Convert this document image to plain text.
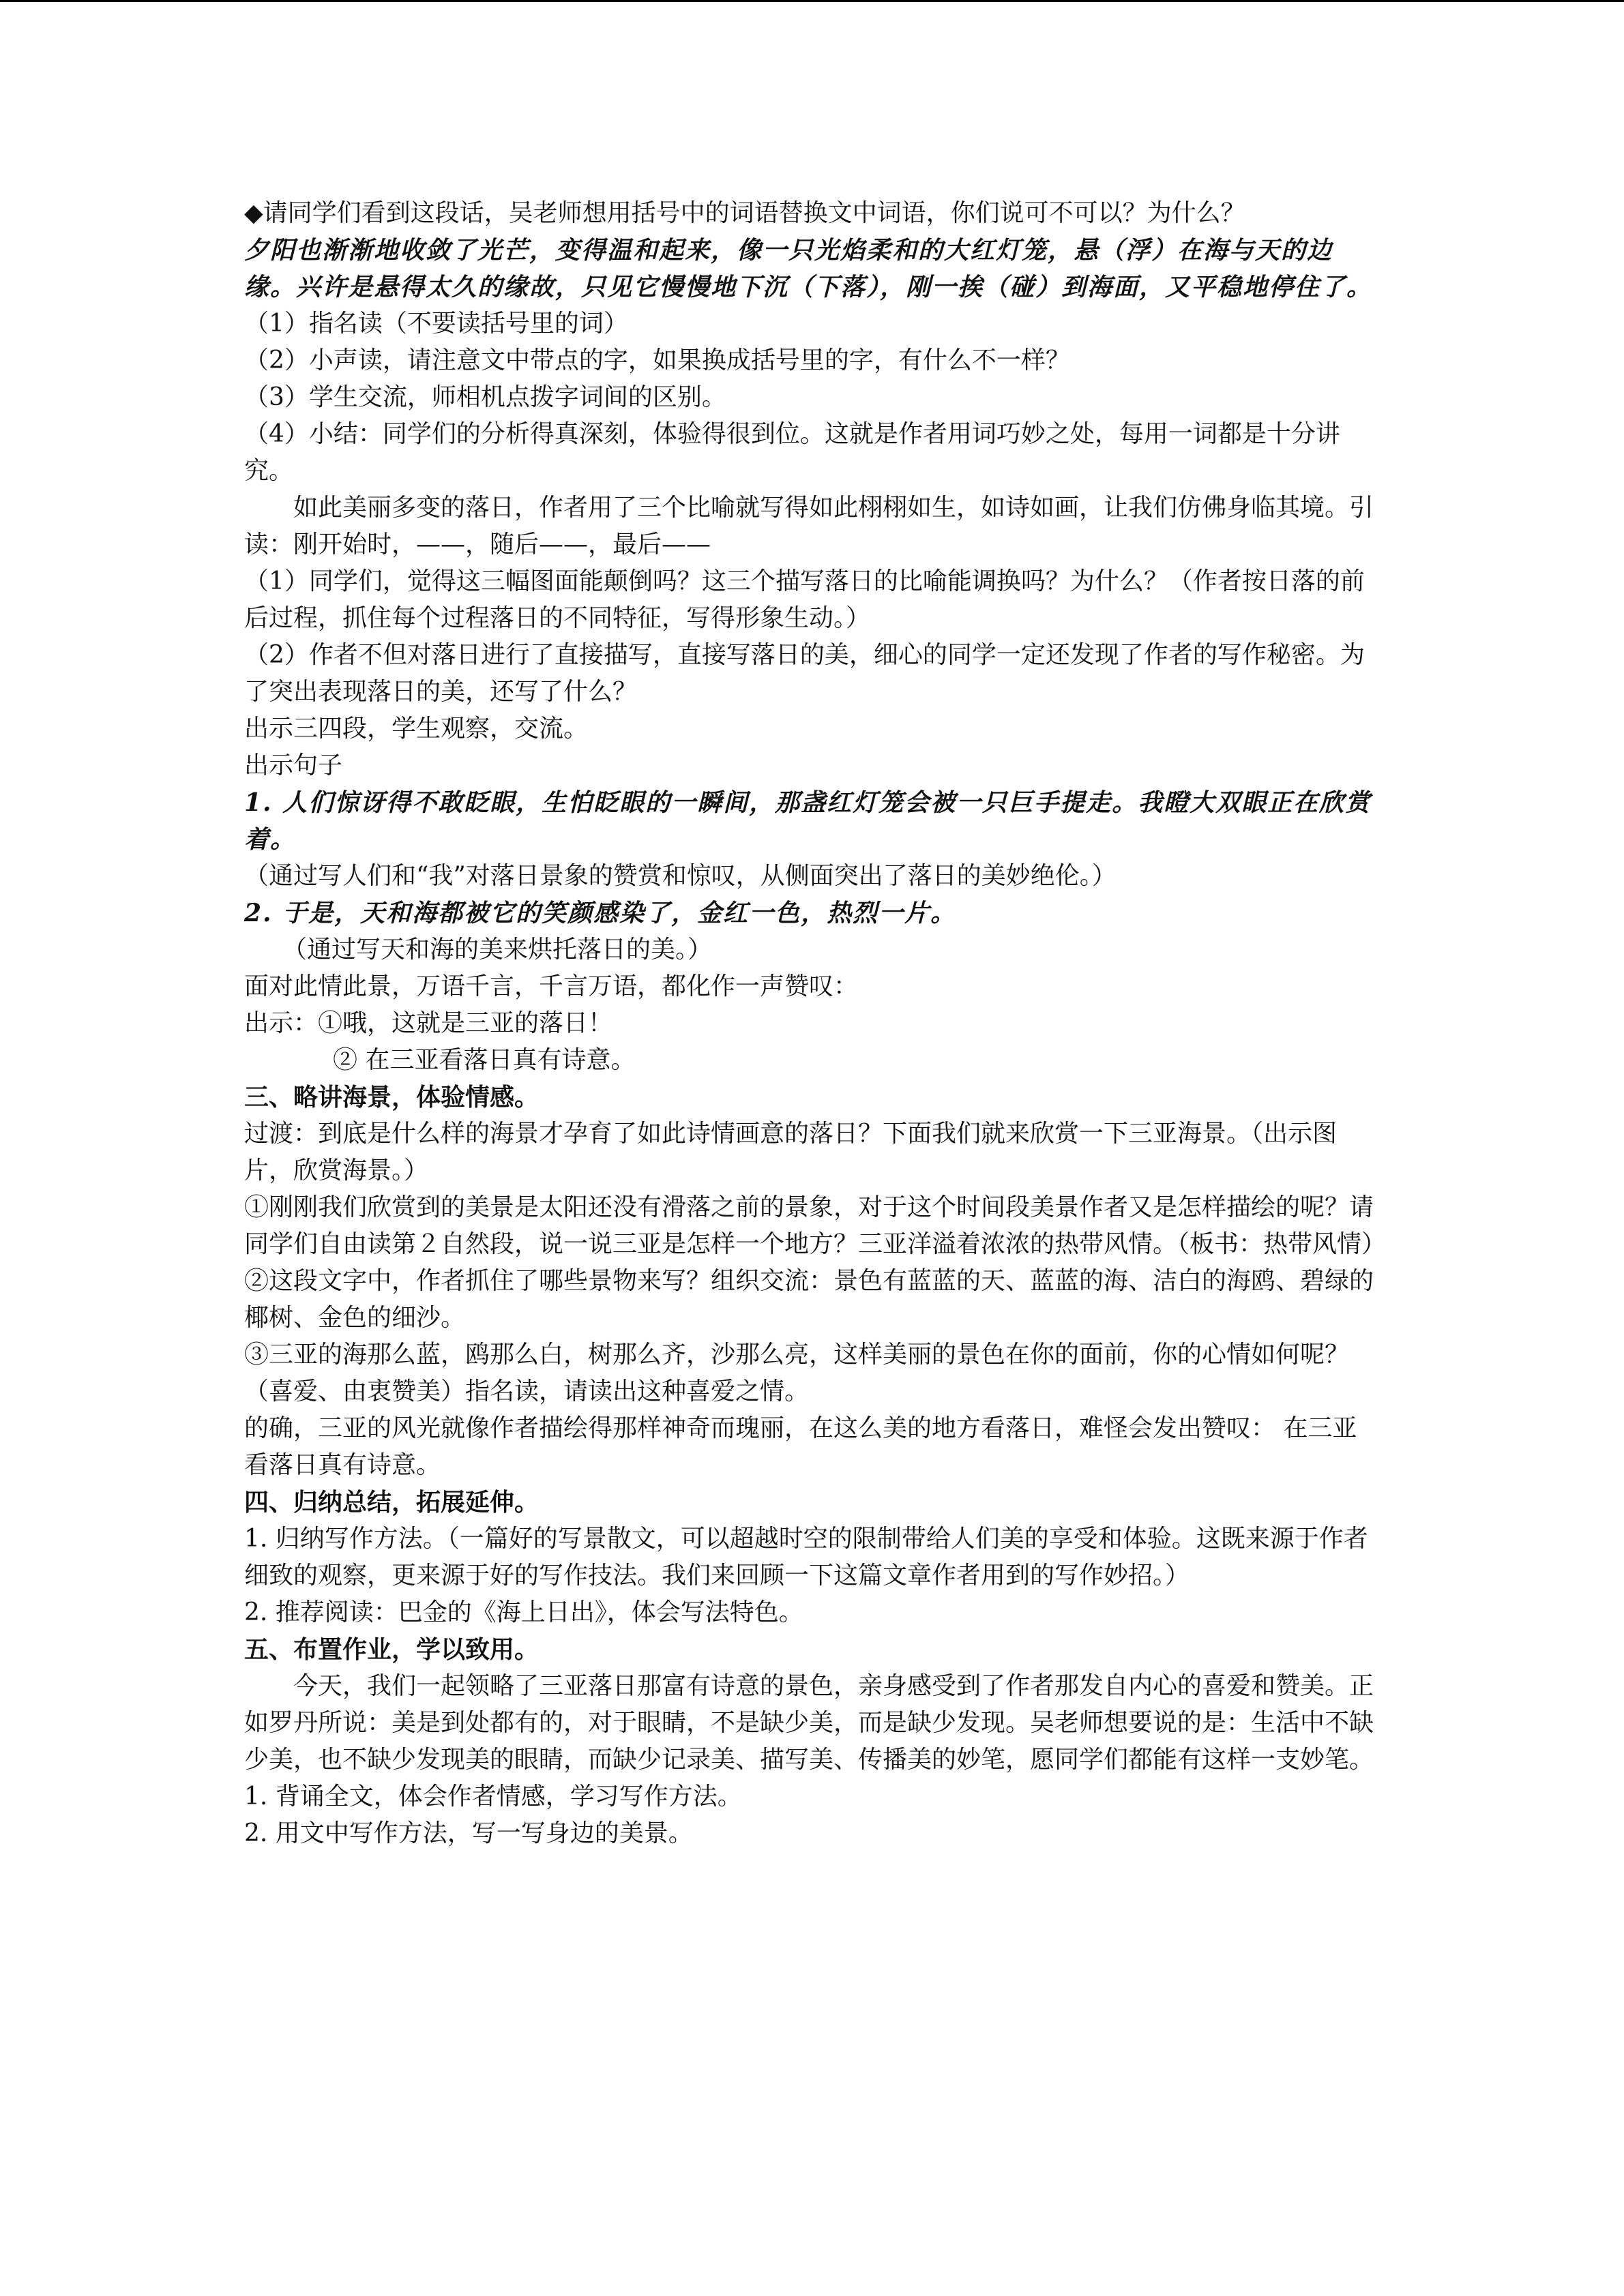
◆请同学们看到这段话，吴老师想用括号中的词语替换文中词语，你们说可不可以？为什么？

夕阳也渐渐地收敛了光芒，变得温和起来，像一只光焰柔和的大红灯笼，悬（浮）在海与天的边缘。兴许是悬得太久的缘故，只见它慢慢地下沉（下落），刚一挨（碰）到海面，又平稳地停住了。

（1）指名读（不要读括号里的词）

（2）小声读，请注意文中带点的字，如果换成括号里的字，有什么不一样？

（3）学生交流，师相机点拨字词间的区别。

（4）小结：同学们的分析得真深刻，体验得很到位。这就是作者用词巧妙之处，每用一词都是十分讲究。

如此美丽多变的落日，作者用了三个比喻就写得如此栩栩如生，如诗如画，让我们仿佛身临其境。引读：刚开始时，——，随后——，最后——

（1）同学们，觉得这三幅图面能颠倒吗？这三个描写落日的比喻能调换吗？为什么？（作者按日落的前后过程，抓住每个过程落日的不同特征，写得形象生动。）

（2）作者不但对落日进行了直接描写，直接写落日的美，细心的同学一定还发现了作者的写作秘密。为了突出表现落日的美，还写了什么？

出示三四段，学生观察，交流。

出示句子

1. 人们惊讶得不敢眨眼，生怕眨眼的一瞬间，那盏红灯笼会被一只巨手提走。我瞪大双眼正在欣赏着。

（通过写人们和“我”对落日景象的赞赏和惊叹，从侧面突出了落日的美妙绝伦。）

2. 于是，天和海都被它的笑颜感染了，金红一色，热烈一片。

（通过写天和海的美来烘托落日的美。）

面对此情此景，万语千言，千言万语，都化作一声赞叹：

出示：①哦，这就是三亚的落日！

② 在三亚看落日真有诗意。

三、略讲海景，体验情感。

过渡：到底是什么样的海景才孕育了如此诗情画意的落日？下面我们就来欣赏一下三亚海景。（出示图片，欣赏海景。）

①刚刚我们欣赏到的美景是太阳还没有滑落之前的景象，对于这个时间段美景作者又是怎样描绘的呢？请同学们自由读第２自然段，说一说三亚是怎样一个地方？三亚洋溢着浓浓的热带风情。（板书：热带风情）

②这段文字中，作者抓住了哪些景物来写？组织交流：景色有蓝蓝的天、蓝蓝的海、洁白的海鸥、碧绿的椰树、金色的细沙。

③三亚的海那么蓝，鸥那么白，树那么齐，沙那么亮，这样美丽的景色在你的面前，你的心情如何呢？（喜爱、由衷赞美）指名读，请读出这种喜爱之情。

的确，三亚的风光就像作者描绘得那样神奇而瑰丽，在这么美的地方看落日，难怪会发出赞叹： 在三亚看落日真有诗意。

四、归纳总结，拓展延伸。

1. 归纳写作方法。（一篇好的写景散文，可以超越时空的限制带给人们美的享受和体验。这既来源于作者细致的观察，更来源于好的写作技法。我们来回顾一下这篇文章作者用到的写作妙招。）

2. 推荐阅读：巴金的《海上日出》，体会写法特色。

五、布置作业，学以致用。

今天，我们一起领略了三亚落日那富有诗意的景色，亲身感受到了作者那发自内心的喜爱和赞美。正如罗丹所说：美是到处都有的，对于眼睛，不是缺少美，而是缺少发现。吴老师想要说的是：生活中不缺少美，也不缺少发现美的眼睛，而缺少记录美、描写美、传播美的妙笔，愿同学们都能有这样一支妙笔。

1. 背诵全文，体会作者情感，学习写作方法。

2. 用文中写作方法，写一写身边的美景。
